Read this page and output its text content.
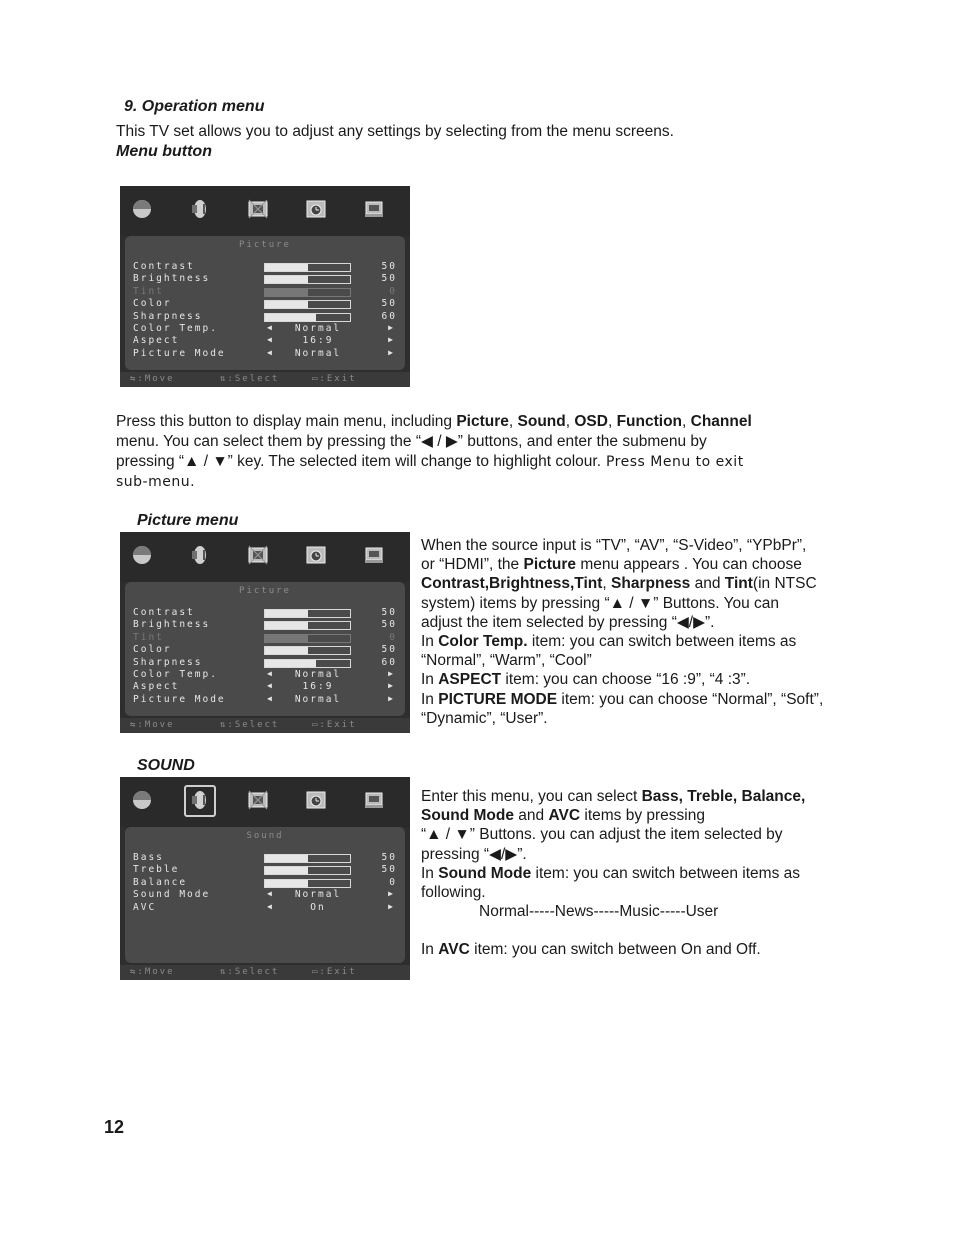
9. Operation menu
This TV set allows you to adjust any settings by selecting from the menu screens.
Menu button
Picture
Contrast	50
Brightness	50
Tint	0
Color	50
Sharpness	60
Color Temp.	◀	Normal	▶
Aspect	◀	16:9	▶
Picture Mode	◀	Normal	▶
⇆:Move	⇅:Select	▭:Exit
Press this button to display main menu, including Picture, Sound, OSD, Function, Channel
menu. You can select them by pressing the “◀ / ▶” buttons, and enter the submenu by
pressing “▲ / ▼” key. The selected item will change to highlight colour. Press Menu to exit
sub-menu.
Picture menu
Picture
Contrast	50
Brightness	50
Tint	0
Color	50
Sharpness	60
Color Temp.	◀	Normal	▶
Aspect	◀	16:9	▶
Picture Mode	◀	Normal	▶
⇆:Move	⇅:Select	▭:Exit
When the source input is “TV”, “AV”, “S-Video”, “YPbPr”,
or “HDMI”, the Picture menu appears . You can choose
Contrast,Brightness,Tint, Sharpness and Tint(in NTSC
system) items by pressing “▲ / ▼” Buttons. You can
adjust the item selected by pressing “◀/▶”.
In Color Temp. item: you can switch between items as
“Normal”, “Warm”, “Cool”
In ASPECT item: you can choose “16 :9”, “4 :3”.
In PICTURE MODE item: you can choose “Normal”, “Soft”,
“Dynamic”, “User”.
SOUND
Sound
Bass	50
Treble	50
Balance	0
Sound Mode	◀	Normal	▶
AVC	◀	On	▶
⇆:Move	⇅:Select	▭:Exit
Enter this menu, you can select Bass, Treble, Balance,
Sound Mode and AVC items by pressing
“▲ / ▼” Buttons. you can adjust the item selected by
pressing “◀/▶”.
In Sound Mode item: you can switch between items as
following.
Normal-----News-----Music-----User
In AVC item: you can switch between On and Off.
12
